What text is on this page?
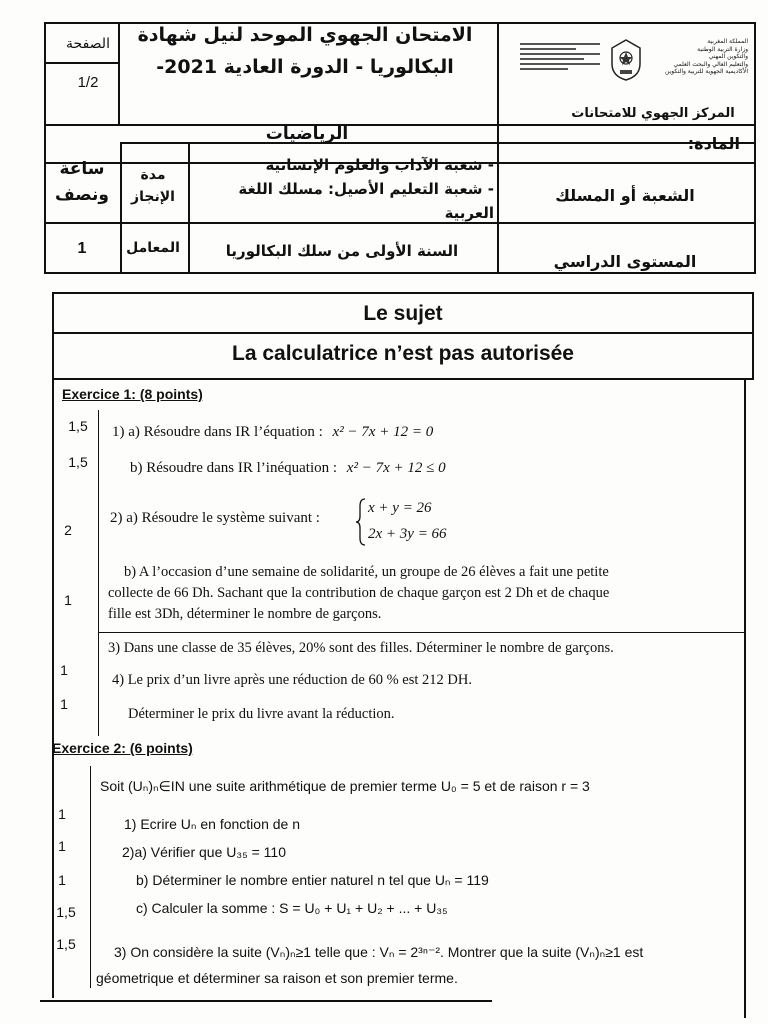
الصفحة
1/2
الامتحان الجهوي الموحد لنيل شهادة
البكالوريا - الدورة العادية 2021-
المملكة المغربية
وزارة التربية الوطنية
والتكوين المهني
والتعليم العالي والبحث العلمي
الأكاديمية الجهوية للتربية والتكوين
المركز الجهوي للامتحانات
المادة:
الرياضيات
الشعبة أو المسلك
- شعبة الآداب والعلوم الإنسانية
- شعبة التعليم الأصيل: مسلك اللغة
العربية
مدة
الإنجاز
ساعة
ونصف
المستوى الدراسي
السنة الأولى من سلك البكالوريا
المعامل
1
Le sujet
La calculatrice n’est pas autorisée
Exercice 1: (8 points)
1,5
1,5
2
1
1
1
1) a) Résoudre dans IR l’équation : x² − 7x + 12 = 0
b) Résoudre dans IR l’inéquation : x² − 7x + 12 ≤ 0
2) a) Résoudre le système suivant :
x + y = 26
2x + 3y = 66
b) A l’occasion d’une semaine de solidarité, un groupe de 26 élèves a fait une petite
collecte de 66 Dh. Sachant que la contribution de chaque garçon est 2 Dh et de chaque
fille est 3Dh, déterminer le nombre de garçons.
3) Dans une classe de 35 élèves, 20% sont des filles. Déterminer le nombre de garçons.
4) Le prix d’un livre après une réduction de 60 % est 212 DH.
Déterminer le prix du livre avant la réduction.
Exercice 2: (6 points)
1
1
1
1,5
1,5
Soit (Uₙ)ₙ∈IN une suite arithmétique de premier terme U₀ = 5 et de raison r = 3
1) Ecrire Uₙ en fonction de n
2)a) Vérifier que U₃₅ = 110
b) Déterminer le nombre entier naturel n tel que Uₙ = 119
c) Calculer la somme : S = U₀ + U₁ + U₂ + ... + U₃₅
3) On considère la suite (Vₙ)ₙ≥1 telle que : Vₙ = 2³ⁿ⁻². Montrer que la suite (Vₙ)ₙ≥1 est
géometrique et déterminer sa raison et son premier terme.
